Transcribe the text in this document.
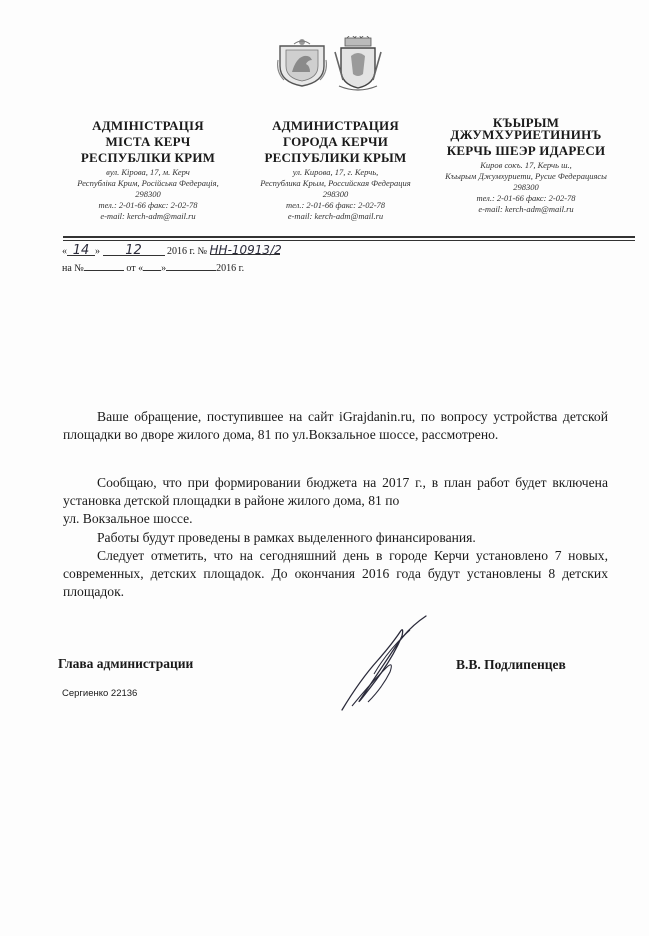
АДМІНІСТРАЦІЯ
МІСТА КЕРЧ
РЕСПУБЛІКИ КРИМ
вул. Кірова, 17, м. Керч
Республіка Крим, Російська Федерація,
298300
тел.: 2-01-66 факс: 2-02-78
e-mail: kerch-adm@mail.ru
АДМИНИСТРАЦИЯ
ГОРОДА КЕРЧИ
РЕСПУБЛИКИ КРЫМ
ул. Кирова, 17, г. Керчь,
Республика Крым, Российская Федерация
298300
тел.: 2-01-66 факс: 2-02-78
e-mail: kerch-adm@mail.ru
КЪЫРЫМ
ДЖУМХУРИЕТИНИНЪ
КЕРЧЬ ШЕЭР ИДАРЕСИ
Киров сокъ. 17, Керчь ш.,
Къырым Джумхуриети, Русие Федерациясы
298300
тел.: 2-01-66 факс: 2-02-78
e-mail: kerch-adm@mail.ru
« 14 » 12	2016 г. № НН-10913/2
на №	от « »	2016 г.

Ваше обращение, поступившее на сайт iGrajdanin.ru, по вопросу устройства детской площадки во дворе жилого дома, 81 по ул.Вокзальное шоссе, рассмотрено.

Сообщаю, что при формировании бюджета на 2017 г., в план работ будет включена установка детской площадки в районе жилого дома, 81 по

ул. Вокзальное шоссе.

Работы будут проведены в рамках выделенного финансирования.

Следует отметить, что на сегодняшний день в городе Керчи установлено 7 новых, современных, детских площадок. До окончания 2016 года будут установлены 8 детских площадок.

Глава администрации	В.В. Подлипенцев
Сергиенко 22136
